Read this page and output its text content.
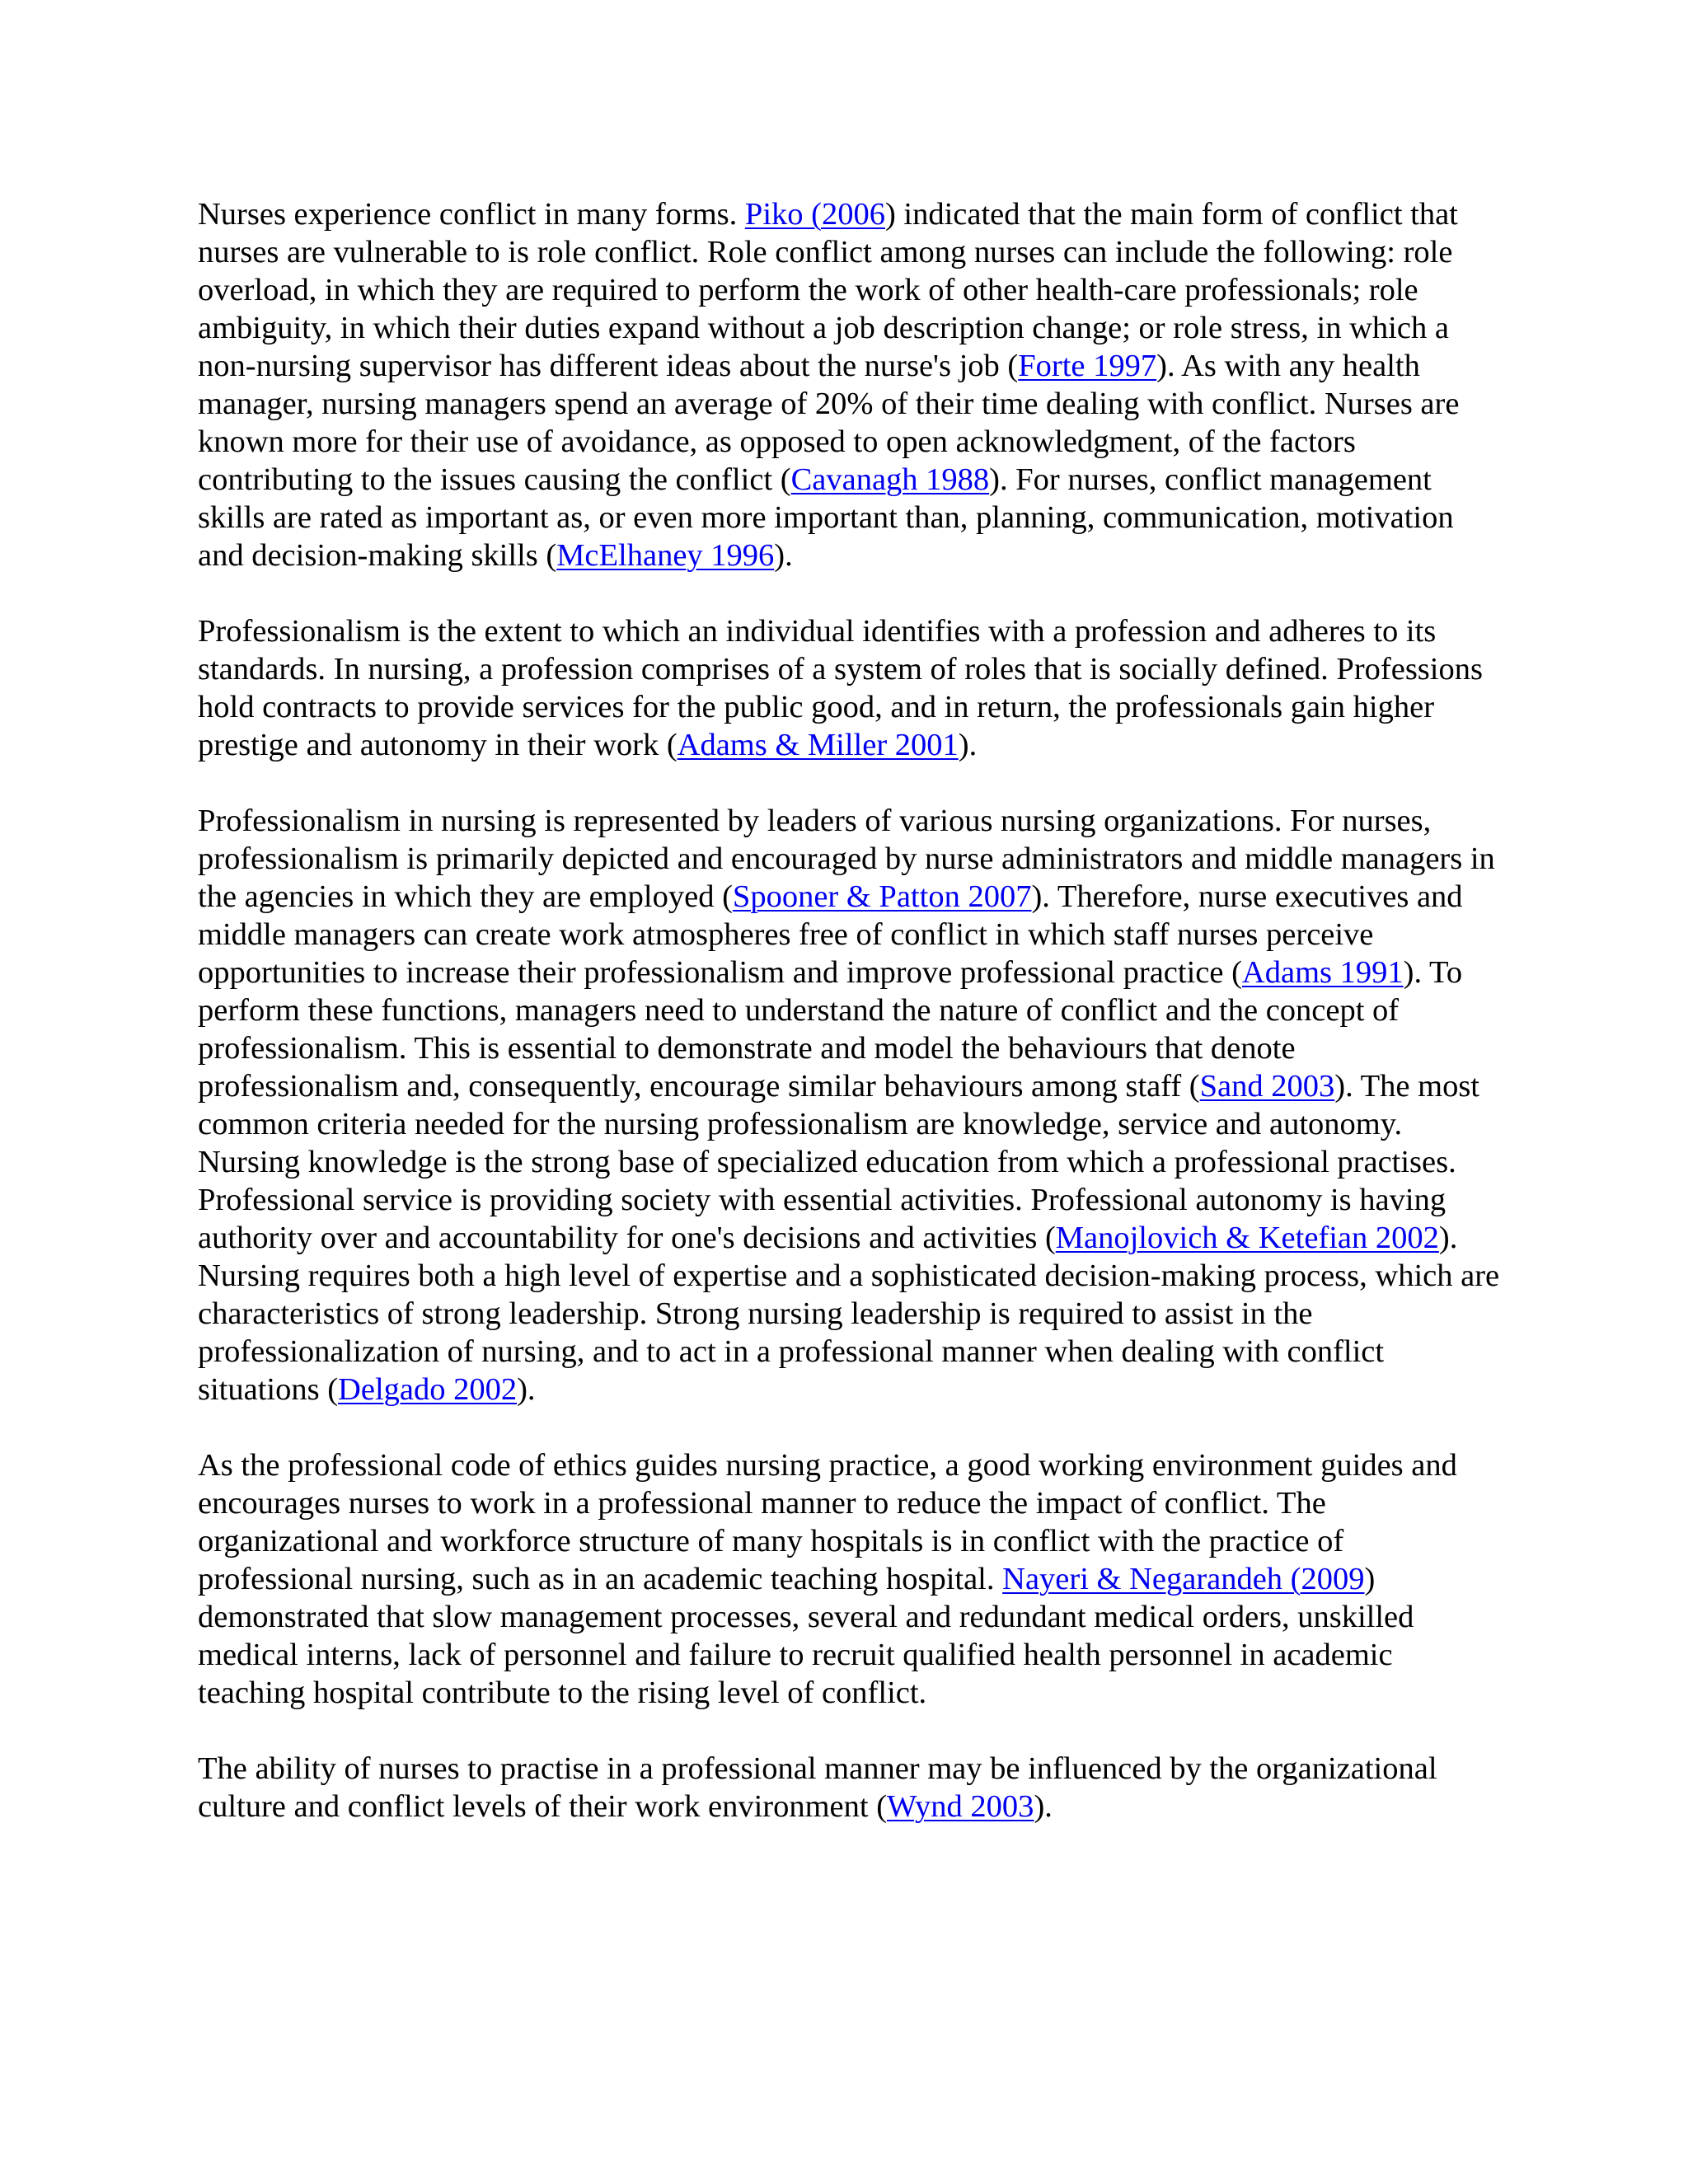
Nurses experience conflict in many forms. Piko (2006) indicated that the main form of conflict that nurses are vulnerable to is role conflict. Role conflict among nurses can include the following: role overload, in which they are required to perform the work of other health-care professionals; role ambiguity, in which their duties expand without a job description change; or role stress, in which a non-nursing supervisor has different ideas about the nurse's job (Forte 1997). As with any health manager, nursing managers spend an average of 20% of their time dealing with conflict. Nurses are known more for their use of avoidance, as opposed to open acknowledgment, of the factors contributing to the issues causing the conflict (Cavanagh 1988). For nurses, conflict management skills are rated as important as, or even more important than, planning, communication, motivation and decision-making skills (McElhaney 1996).

Professionalism is the extent to which an individual identifies with a profession and adheres to its standards. In nursing, a profession comprises of a system of roles that is socially defined. Professions hold contracts to provide services for the public good, and in return, the professionals gain higher prestige and autonomy in their work (Adams & Miller 2001).

Professionalism in nursing is represented by leaders of various nursing organizations. For nurses, professionalism is primarily depicted and encouraged by nurse administrators and middle managers in the agencies in which they are employed (Spooner & Patton 2007). Therefore, nurse executives and middle managers can create work atmospheres free of conflict in which staff nurses perceive opportunities to increase their professionalism and improve professional practice (Adams 1991). To perform these functions, managers need to understand the nature of conflict and the concept of professionalism. This is essential to demonstrate and model the behaviours that denote professionalism and, consequently, encourage similar behaviours among staff (Sand 2003). The most common criteria needed for the nursing professionalism are knowledge, service and autonomy. Nursing knowledge is the strong base of specialized education from which a professional practises. Professional service is providing society with essential activities. Professional autonomy is having authority over and accountability for one's decisions and activities (Manojlovich & Ketefian 2002). Nursing requires both a high level of expertise and a sophisticated decision-making process, which are characteristics of strong leadership. Strong nursing leadership is required to assist in the professionalization of nursing, and to act in a professional manner when dealing with conflict situations (Delgado 2002).

As the professional code of ethics guides nursing practice, a good working environment guides and encourages nurses to work in a professional manner to reduce the impact of conflict. The organizational and workforce structure of many hospitals is in conflict with the practice of professional nursing, such as in an academic teaching hospital. Nayeri & Negarandeh (2009) demonstrated that slow management processes, several and redundant medical orders, unskilled medical interns, lack of personnel and failure to recruit qualified health personnel in academic teaching hospital contribute to the rising level of conflict.

The ability of nurses to practise in a professional manner may be influenced by the organizational culture and conflict levels of their work environment (Wynd 2003).
